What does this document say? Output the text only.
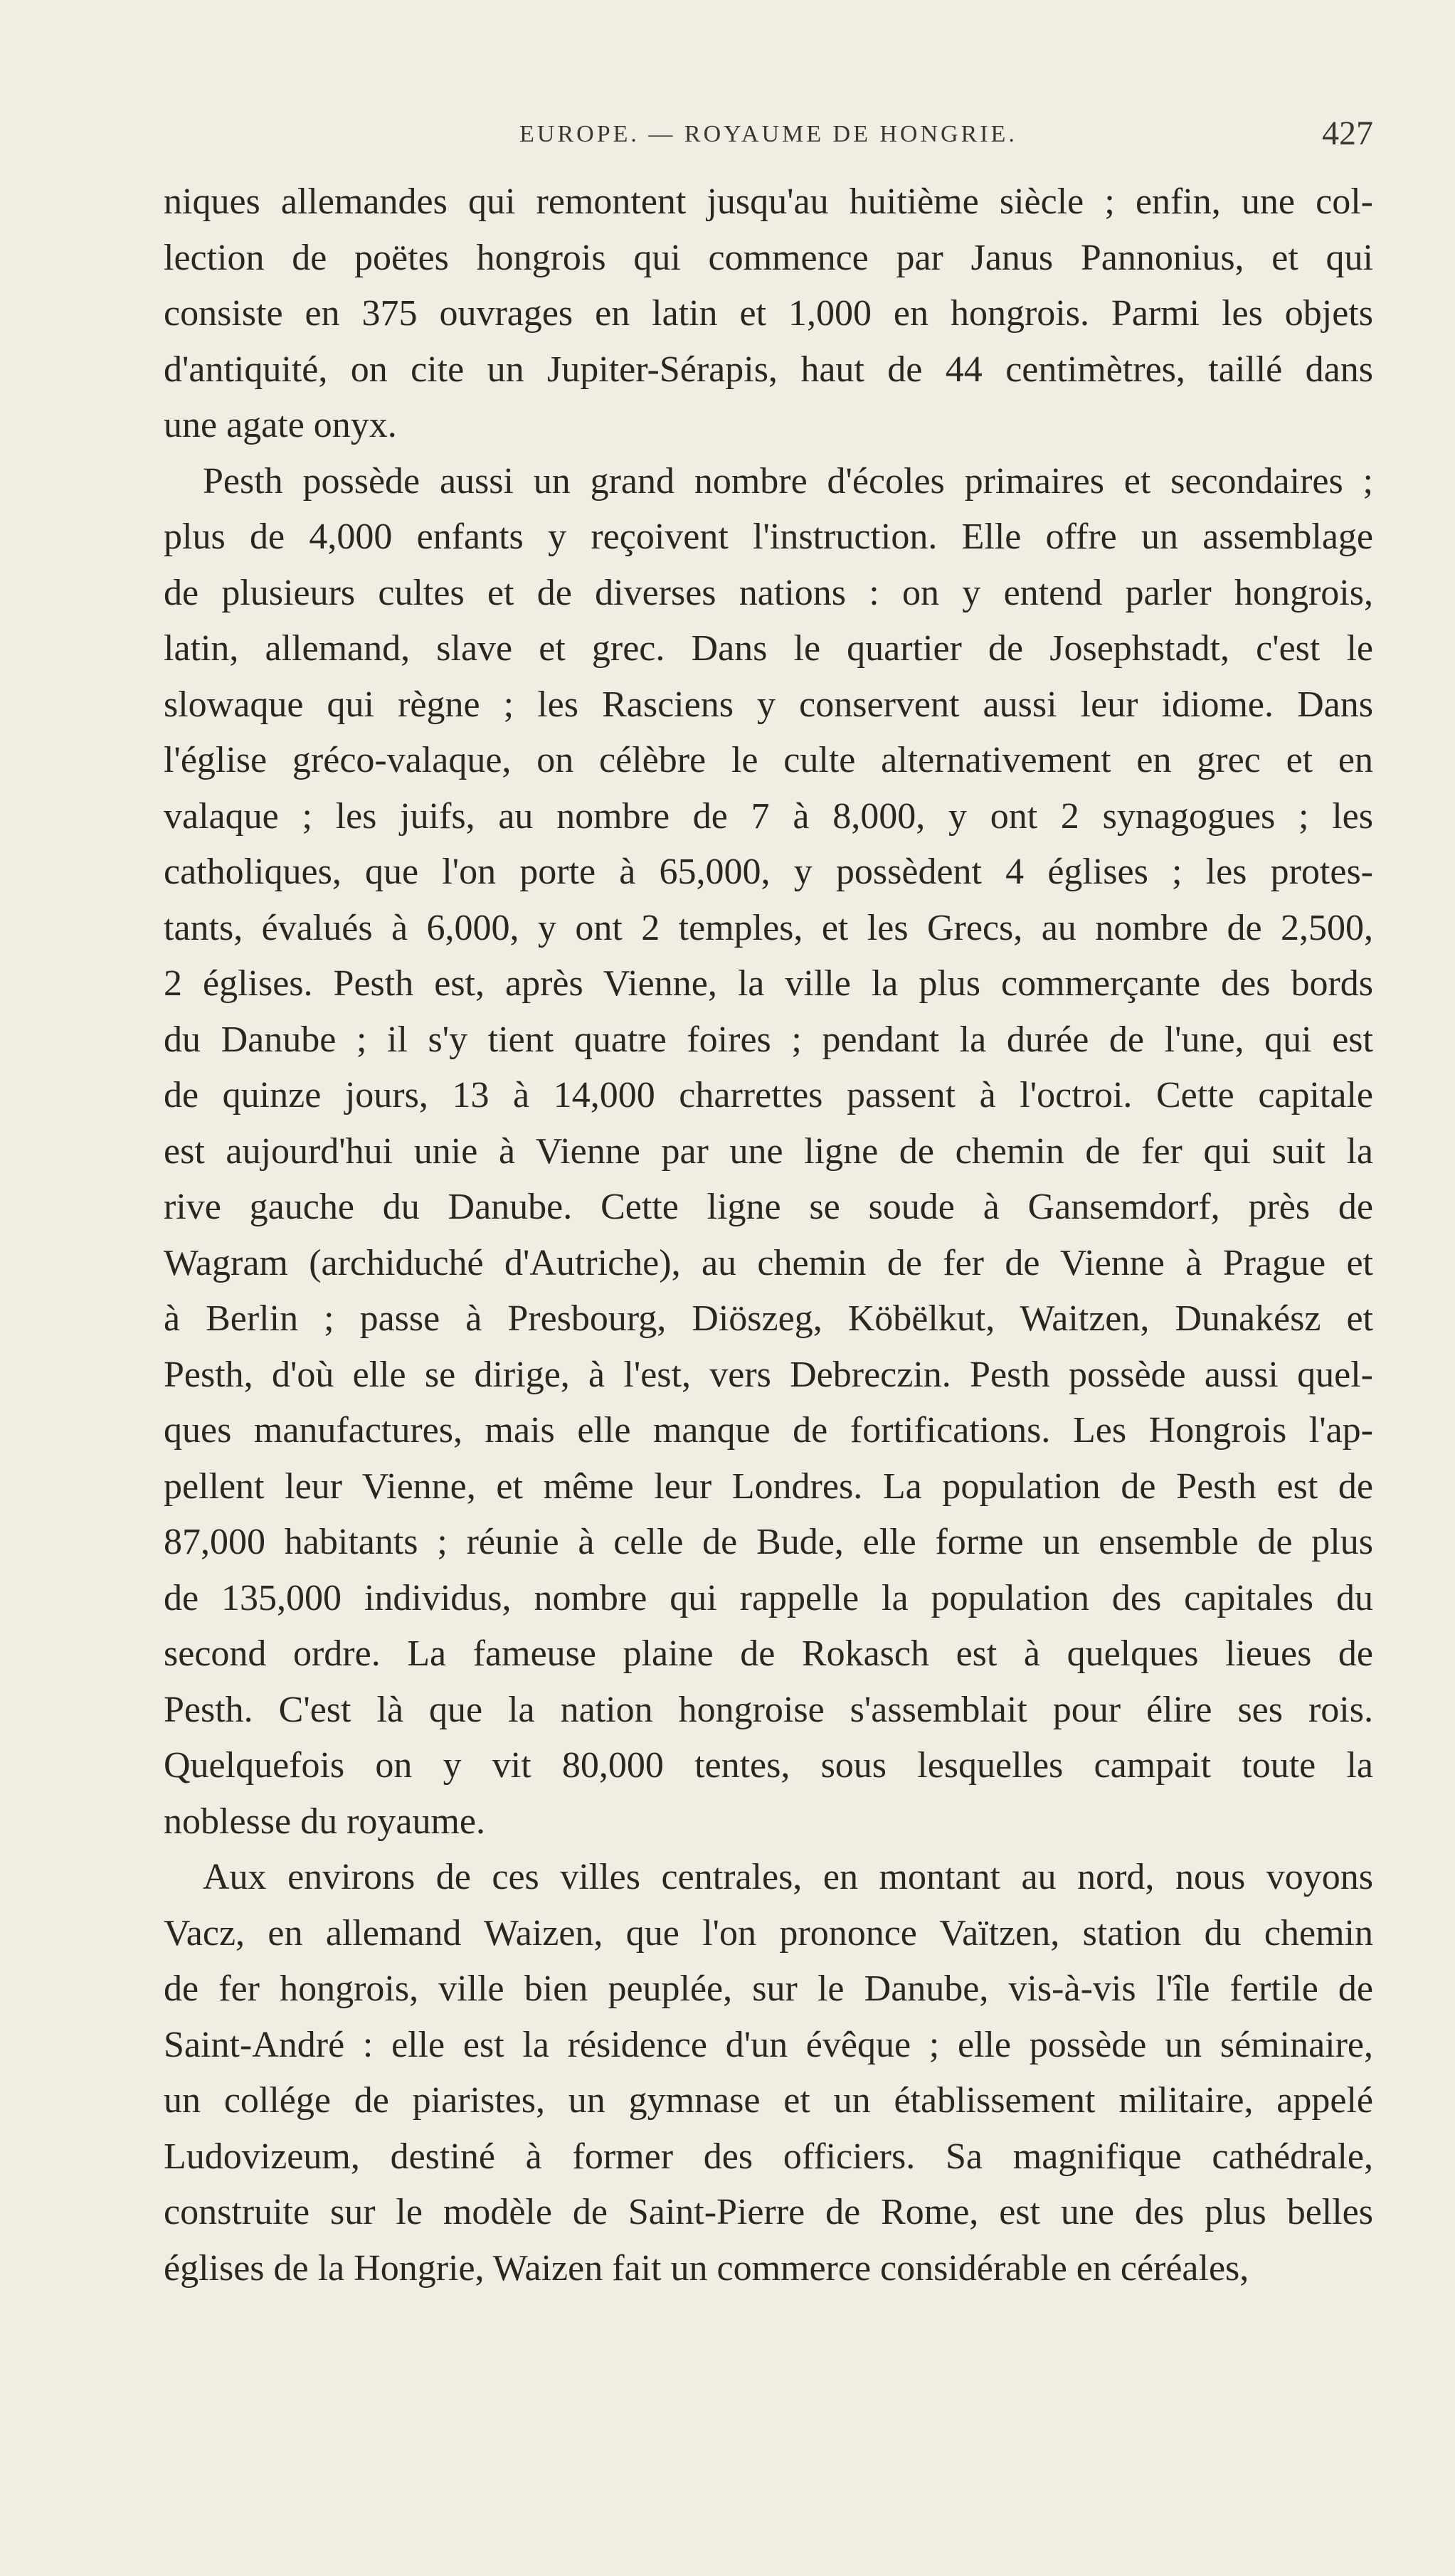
EUROPE. — ROYAUME DE HONGRIE.	427
niques allemandes qui remontent jusqu'au huitième siècle ; enfin, une col-
lection de poëtes hongrois qui commence par Janus Pannonius, et qui
consiste en 375 ouvrages en latin et 1,000 en hongrois. Parmi les objets
d'antiquité, on cite un Jupiter-Sérapis, haut de 44 centimètres, taillé dans
une agate onyx.
Pesth possède aussi un grand nombre d'écoles primaires et secondaires ;
plus de 4,000 enfants y reçoivent l'instruction. Elle offre un assemblage
de plusieurs cultes et de diverses nations : on y entend parler hongrois,
latin, allemand, slave et grec. Dans le quartier de Josephstadt, c'est le
slowaque qui règne ; les Rasciens y conservent aussi leur idiome. Dans
l'église gréco-valaque, on célèbre le culte alternativement en grec et en
valaque ; les juifs, au nombre de 7 à 8,000, y ont 2 synagogues ; les
catholiques, que l'on porte à 65,000, y possèdent 4 églises ; les protes-
tants, évalués à 6,000, y ont 2 temples, et les Grecs, au nombre de 2,500,
2 églises. Pesth est, après Vienne, la ville la plus commerçante des bords
du Danube ; il s'y tient quatre foires ; pendant la durée de l'une, qui est
de quinze jours, 13 à 14,000 charrettes passent à l'octroi. Cette capitale
est aujourd'hui unie à Vienne par une ligne de chemin de fer qui suit la
rive gauche du Danube. Cette ligne se soude à Gansemdorf, près de
Wagram (archiduché d'Autriche), au chemin de fer de Vienne à Prague et
à Berlin ; passe à Presbourg, Diöszeg, Köbëlkut, Waitzen, Dunakész et
Pesth, d'où elle se dirige, à l'est, vers Debreczin. Pesth possède aussi quel-
ques manufactures, mais elle manque de fortifications. Les Hongrois l'ap-
pellent leur Vienne, et même leur Londres. La population de Pesth est de
87,000 habitants ; réunie à celle de Bude, elle forme un ensemble de plus
de 135,000 individus, nombre qui rappelle la population des capitales du
second ordre. La fameuse plaine de Rokasch est à quelques lieues de
Pesth. C'est là que la nation hongroise s'assemblait pour élire ses rois.
Quelquefois on y vit 80,000 tentes, sous lesquelles campait toute la
noblesse du royaume.
Aux environs de ces villes centrales, en montant au nord, nous voyons
Vacz, en allemand Waizen, que l'on prononce Vaïtzen, station du chemin
de fer hongrois, ville bien peuplée, sur le Danube, vis-à-vis l'île fertile de
Saint-André : elle est la résidence d'un évêque ; elle possède un séminaire,
un collége de piaristes, un gymnase et un établissement militaire, appelé
Ludovizeum, destiné à former des officiers. Sa magnifique cathédrale,
construite sur le modèle de Saint-Pierre de Rome, est une des plus belles
églises de la Hongrie, Waizen fait un commerce considérable en céréales,
